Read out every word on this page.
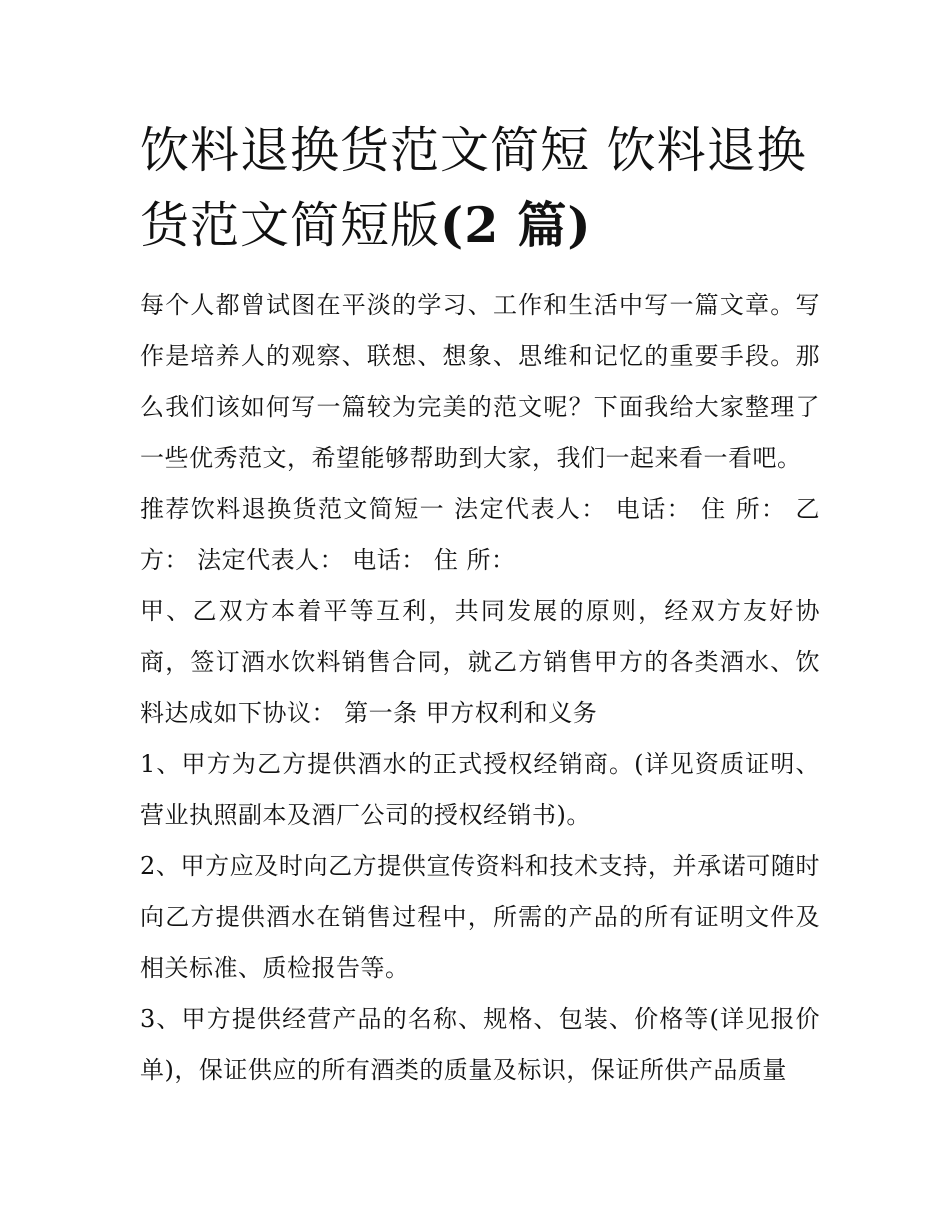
饮料退换货范文简短 饮料退换货范文简短版(2 篇)

每个人都曾试图在平淡的学习、工作和生活中写一篇文章。写作是培养人的观察、联想、想象、思维和记忆的重要手段。那么我们该如何写一篇较为完美的范文呢？下面我给大家整理了一些优秀范文，希望能够帮助到大家，我们一起来看一看吧。

推荐饮料退换货范文简短一 法定代表人： 电话： 住 所： 乙方： 法定代表人： 电话： 住 所：

甲、乙双方本着平等互利，共同发展的原则，经双方友好协商，签订酒水饮料销售合同，就乙方销售甲方的各类酒水、饮料达成如下协议： 第一条 甲方权利和义务

1、甲方为乙方提供酒水的正式授权经销商。(详见资质证明、营业执照副本及酒厂公司的授权经销书)。

2、甲方应及时向乙方提供宣传资料和技术支持，并承诺可随时向乙方提供酒水在销售过程中，所需的产品的所有证明文件及相关标准、质检报告等。

3、甲方提供经营产品的名称、规格、包装、价格等(详见报价单)，保证供应的所有酒类的质量及标识，保证所供产品质量
